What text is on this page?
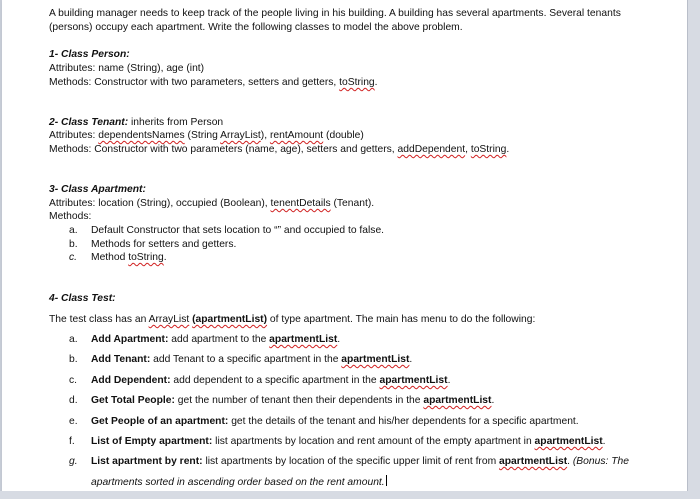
A building manager needs to keep track of the people living in his building. A building has several apartments. Several tenants
(persons) occupy each apartment. Write the following classes to model the above problem.
1- Class Person:
Attributes: name (String), age (int)
Methods: Constructor with two parameters, setters and getters, toString.
2- Class Tenant: inherits from Person
Attributes: dependentsNames (String ArrayList), rentAmount (double)
Methods: Constructor with two parameters (name, age), setters and getters, addDependent, toString.
3- Class Apartment:
Attributes: location (String), occupied (Boolean), tenentDetails (Tenant).
Methods:
a. Default Constructor that sets location to “” and occupied to false.
b. Methods for setters and getters.
c. Method toString.
4- Class Test:
The test class has an ArrayList (apartmentList) of type apartment. The main has menu to do the following:
a. Add Apartment: add apartment to the apartmentList.
b. Add Tenant: add Tenant to a specific apartment in the apartmentList.
c. Add Dependent: add dependent to a specific apartment in the apartmentList.
d. Get Total People: get the number of tenant then their dependents in the apartmentList.
e. Get People of an apartment: get the details of the tenant and his/her dependents for a specific apartment.
f. List of Empty apartment: list apartments by location and rent amount of the empty apartment in apartmentList.
g. List apartment by rent: list apartments by location of the specific upper limit of rent from apartmentList. (Bonus: The
apartments sorted in ascending order based on the rent amount.
